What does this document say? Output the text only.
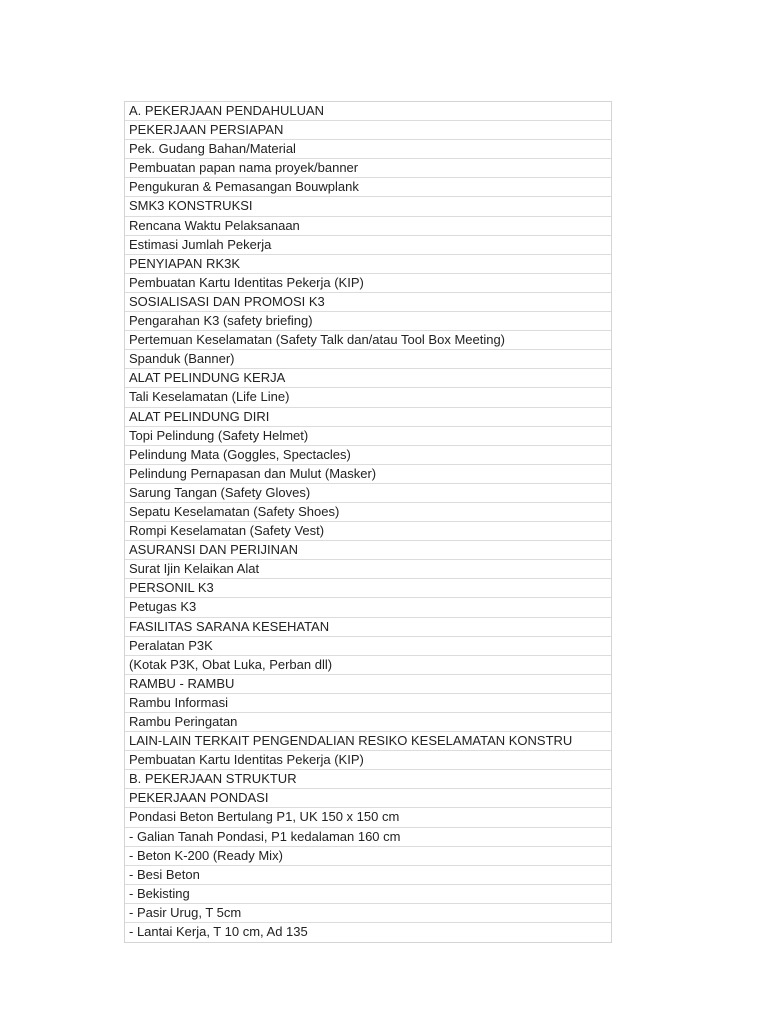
A. PEKERJAAN PENDAHULUAN
PEKERJAAN PERSIAPAN
Pek. Gudang Bahan/Material
Pembuatan papan nama proyek/banner
Pengukuran & Pemasangan Bouwplank
SMK3 KONSTRUKSI
Rencana Waktu Pelaksanaan
Estimasi Jumlah Pekerja
PENYIAPAN RK3K
Pembuatan Kartu Identitas Pekerja (KIP)
SOSIALISASI DAN PROMOSI K3
Pengarahan K3 (safety briefing)
Pertemuan Keselamatan (Safety Talk dan/atau Tool Box Meeting)
Spanduk (Banner)
ALAT PELINDUNG KERJA
Tali Keselamatan (Life Line)
ALAT PELINDUNG DIRI
Topi Pelindung (Safety Helmet)
Pelindung Mata (Goggles, Spectacles)
Pelindung Pernapasan dan Mulut (Masker)
Sarung Tangan (Safety Gloves)
Sepatu Keselamatan (Safety Shoes)
Rompi Keselamatan (Safety Vest)
ASURANSI DAN PERIJINAN
Surat Ijin Kelaikan Alat
PERSONIL K3
Petugas K3
FASILITAS SARANA KESEHATAN
Peralatan P3K
(Kotak P3K, Obat Luka, Perban dll)
RAMBU - RAMBU
Rambu Informasi
Rambu Peringatan
LAIN-LAIN TERKAIT PENGENDALIAN RESIKO KESELAMATAN KONSTRU
Pembuatan Kartu Identitas Pekerja (KIP)
B. PEKERJAAN STRUKTUR
PEKERJAAN PONDASI
Pondasi Beton Bertulang P1, UK 150 x 150 cm
- Galian Tanah Pondasi, P1 kedalaman 160 cm
- Beton K-200 (Ready Mix)
- Besi Beton
- Bekisting
- Pasir Urug, T 5cm
- Lantai Kerja, T 10 cm, Ad 135
